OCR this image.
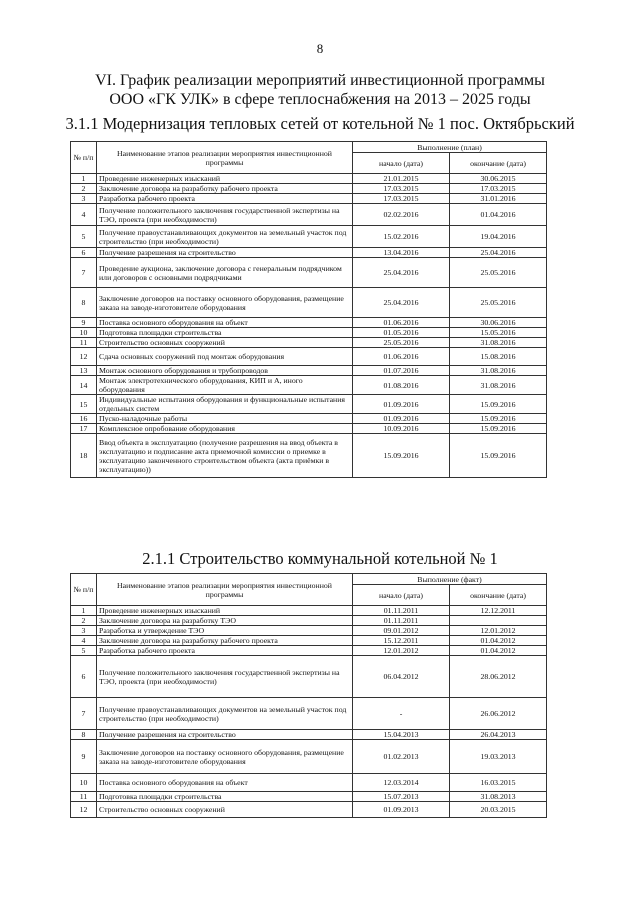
8
VI. График реализации мероприятий инвестиционной программы
ООО «ГК УЛК» в сфере теплоснабжения на 2013 – 2025 годы
3.1.1 Модернизация тепловых сетей от котельной № 1 пос. Октябрьский
№ п/п	Наименование этапов реализации мероприятия инвестиционной программы	Выполнение (план)	
		начало (дата)	окончание (дата)
1	Проведение инженерных изысканий	21.01.2015	30.06.2015
2	Заключение договора на разработку рабочего проекта	17.03.2015	17.03.2015
3	Разработка рабочего проекта	17.03.2015	31.01.2016
4	Получение положительного заключения государственной экспертизы на ТЭО, проекта (при необходимости)	02.02.2016	01.04.2016
5	Получение правоустанавливающих документов на земельный участок под строительство (при необходимости)	15.02.2016	19.04.2016
6	Получение разрешения на строительство	13.04.2016	25.04.2016
7	Проведение аукциона, заключение договора с генеральным подрядчиком или договоров с основными подрядчиками	25.04.2016	25.05.2016
8	Заключение договоров на поставку основного оборудования, размещение заказа на заводе-изготовителе оборудования	25.04.2016	25.05.2016
9	Поставка основного оборудования на объект	01.06.2016	30.06.2016
10	Подготовка площадки строительства	01.05.2016	15.05.2016
11	Строительство основных сооружений	25.05.2016	31.08.2016
12	Сдача основных сооружений под монтаж оборудования	01.06.2016	15.08.2016
13	Монтаж основного оборудования и трубопроводов	01.07.2016	31.08.2016
14	Монтаж электротехнического оборудования, КИП и А, иного оборудования	01.08.2016	31.08.2016
15	Индивидуальные испытания оборудования и функциональные испытания отдельных систем	01.09.2016	15.09.2016
16	Пуско-наладочные работы	01.09.2016	15.09.2016
17	Комплексное опробование оборудования	10.09.2016	15.09.2016
18	Ввод объекта в эксплуатацию (получение разрешения на ввод объекта в эксплуатацию и подписание акта приемочной комиссии о приемке в эксплуатацию законченного строительством объекта (акта приёмки в эксплуатацию))	15.09.2016	15.09.2016
2.1.1 Строительство коммунальной котельной № 1
№ п/п	Наименование этапов реализации мероприятия инвестиционной программы	Выполнение (факт)	
		начало (дата)	окончание (дата)
1	Проведение инженерных изысканий	01.11.2011	12.12.2011
2	Заключение договора на разработку ТЭО	01.11.2011	
3	Разработка и утверждение ТЭО	09.01.2012	12.01.2012
4	Заключение договора на разработку рабочего проекта	15.12.2011	01.04.2012
5	Разработка рабочего проекта	12.01.2012	01.04.2012
6	Получение положительного заключения государственной экспертизы на ТЭО, проекта (при необходимости)	06.04.2012	28.06.2012
7	Получение правоустанавливающих документов на земельный участок под строительство (при необходимости)	-	26.06.2012
8	Получение разрешения на строительство	15.04.2013	26.04.2013
9	Заключение договоров на поставку основного оборудования, размещение заказа на заводе-изготовителе оборудования	01.02.2013	19.03.2013
10	Поставка основного оборудования на объект	12.03.2014	16.03.2015
11	Подготовка площадки строительства	15.07.2013	31.08.2013
12	Строительство основных сооружений	01.09.2013	20.03.2015
